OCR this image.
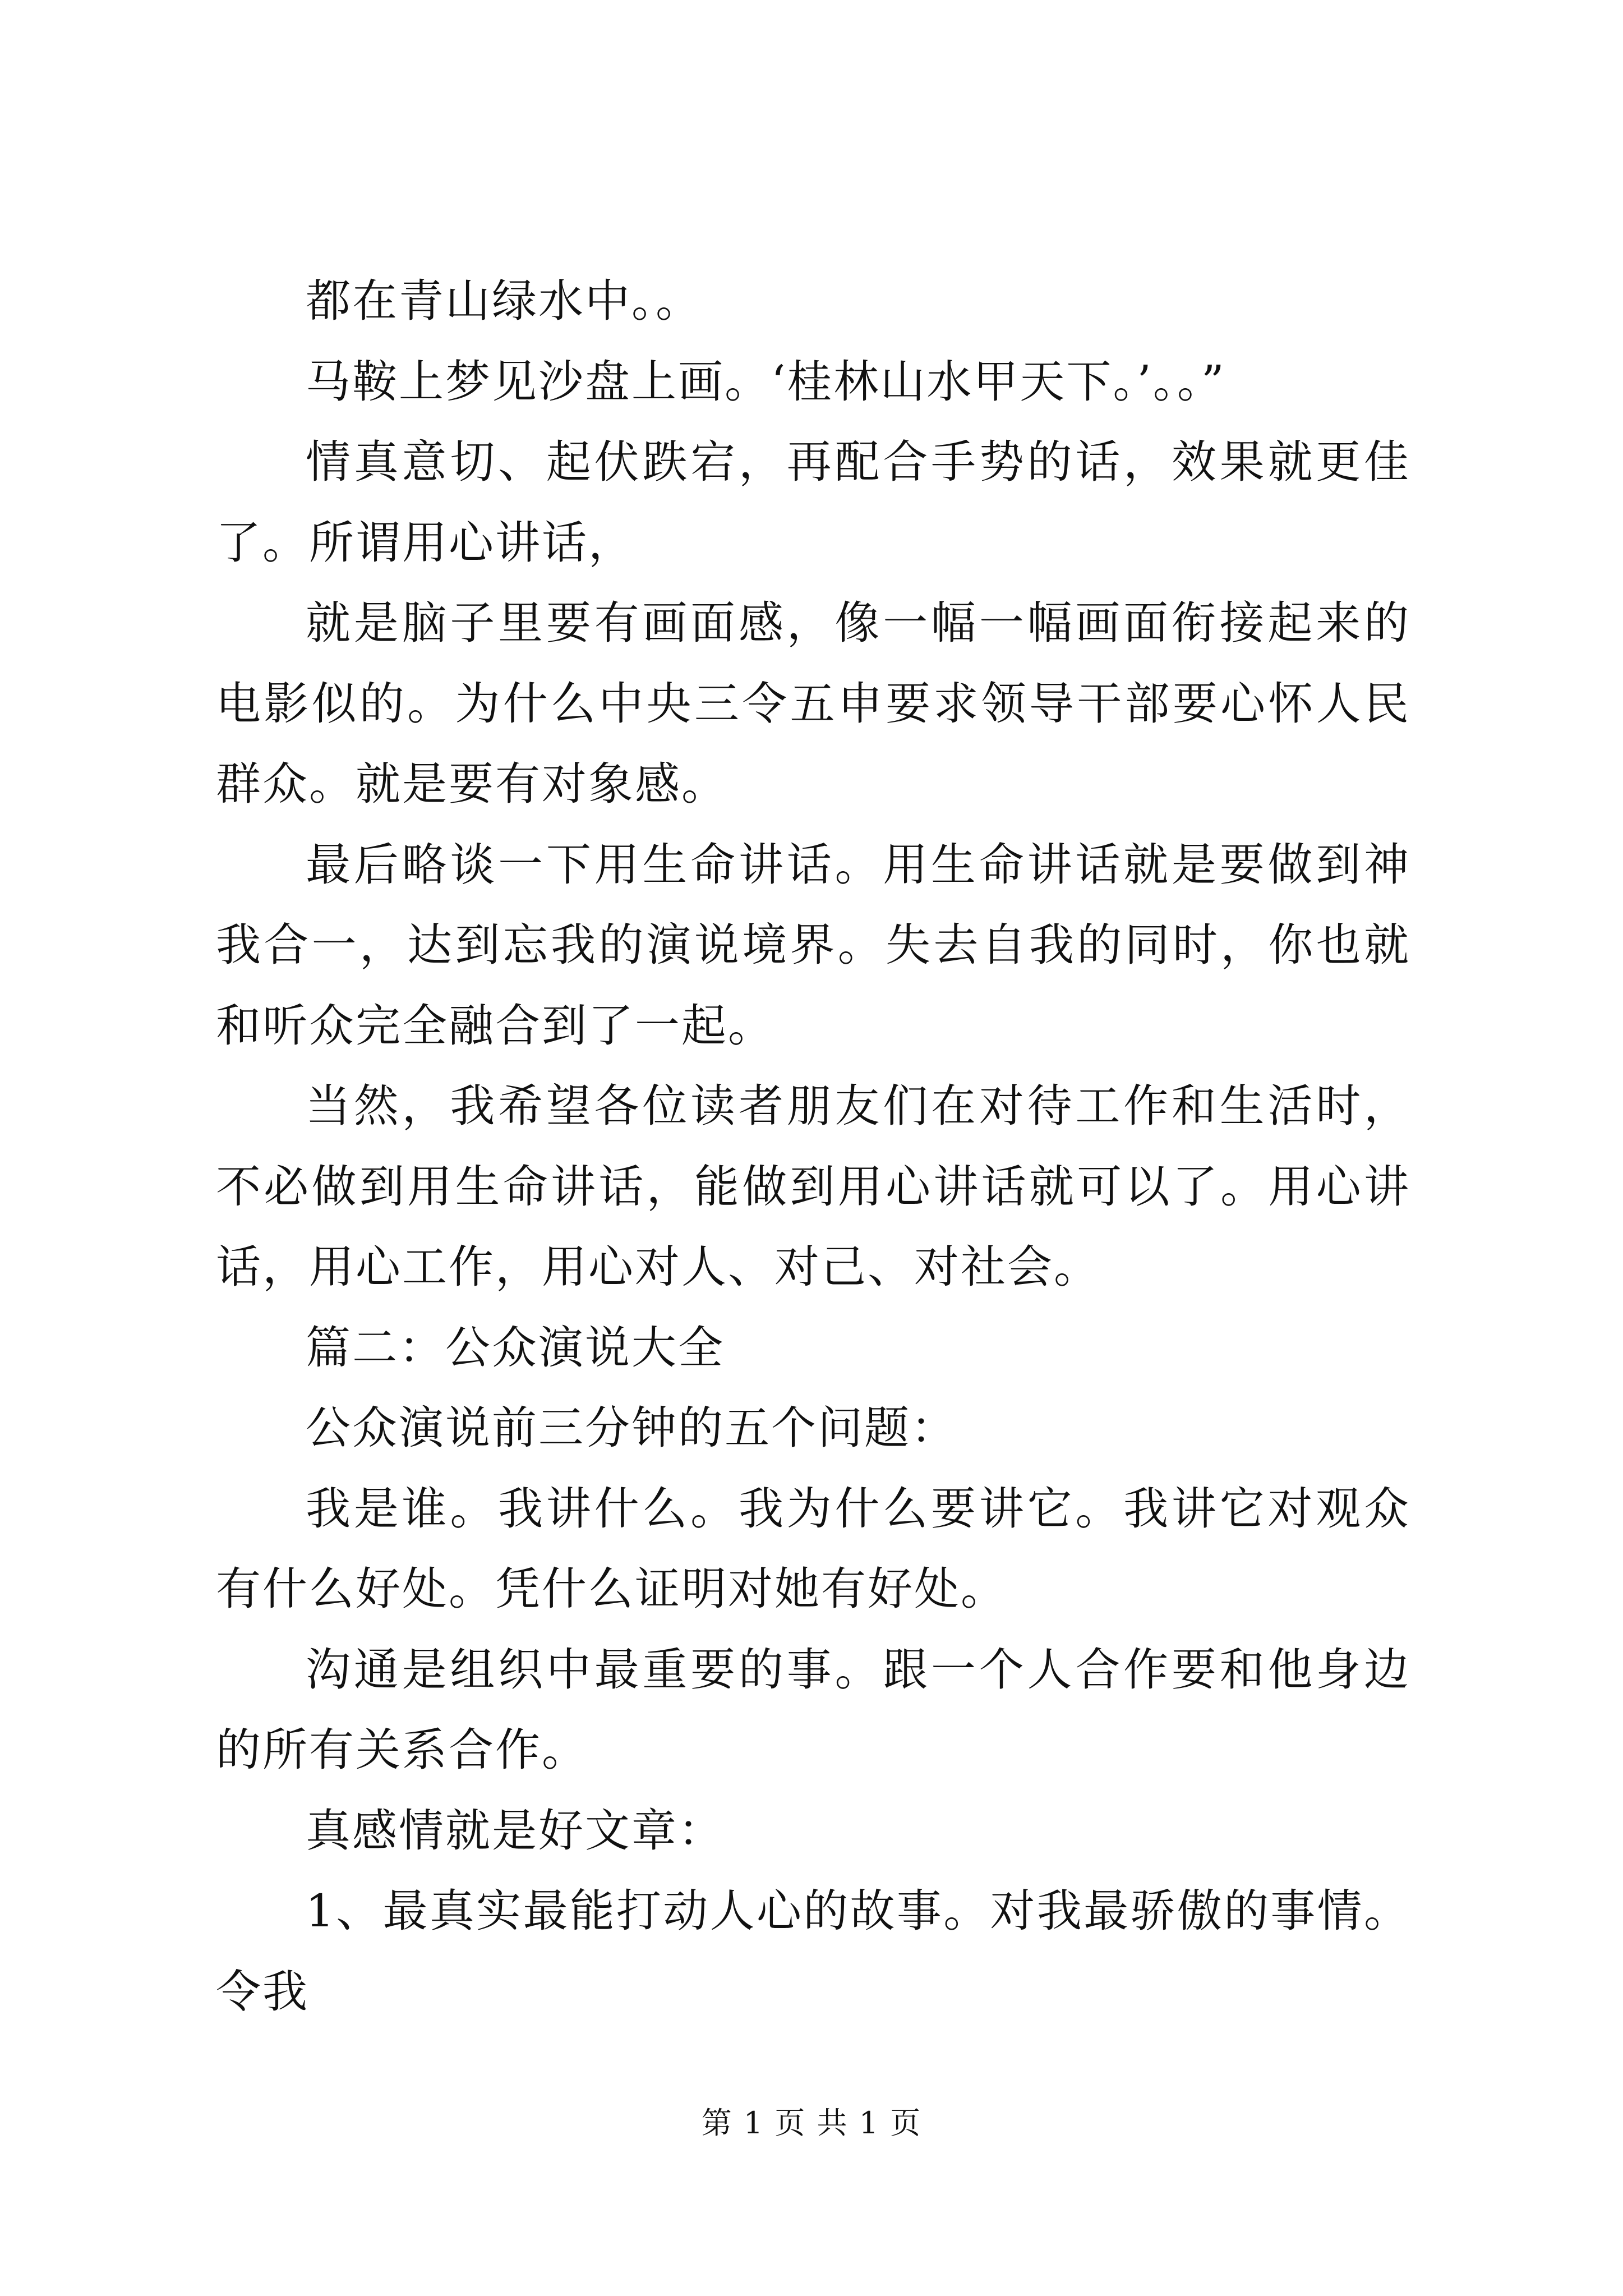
都在青山绿水中。。

马鞍上梦见沙盘上画。‘桂林山水甲天下。’。。”

情真意切、起伏跌宕，再配合手势的话，效果就更佳了。所谓用心讲话，

就是脑子里要有画面感，像一幅一幅画面衔接起来的电影似的。为什么中央三令五申要求领导干部要心怀人民群众。就是要有对象感。

最后略谈一下用生命讲话。用生命讲话就是要做到神我合一，达到忘我的演说境界。失去自我的同时，你也就和听众完全融合到了一起。

当然，我希望各位读者朋友们在对待工作和生活时，不必做到用生命讲话，能做到用心讲话就可以了。用心讲话，用心工作，用心对人、对己、对社会。

篇二：公众演说大全

公众演说前三分钟的五个问题：

我是谁。我讲什么。我为什么要讲它。我讲它对观众有什么好处。凭什么证明对她有好处。

沟通是组织中最重要的事。跟一个人合作要和他身边的所有关系合作。

真感情就是好文章：

1、最真实最能打动人心的故事。对我最骄傲的事情。令我

第 1 页 共 1 页
